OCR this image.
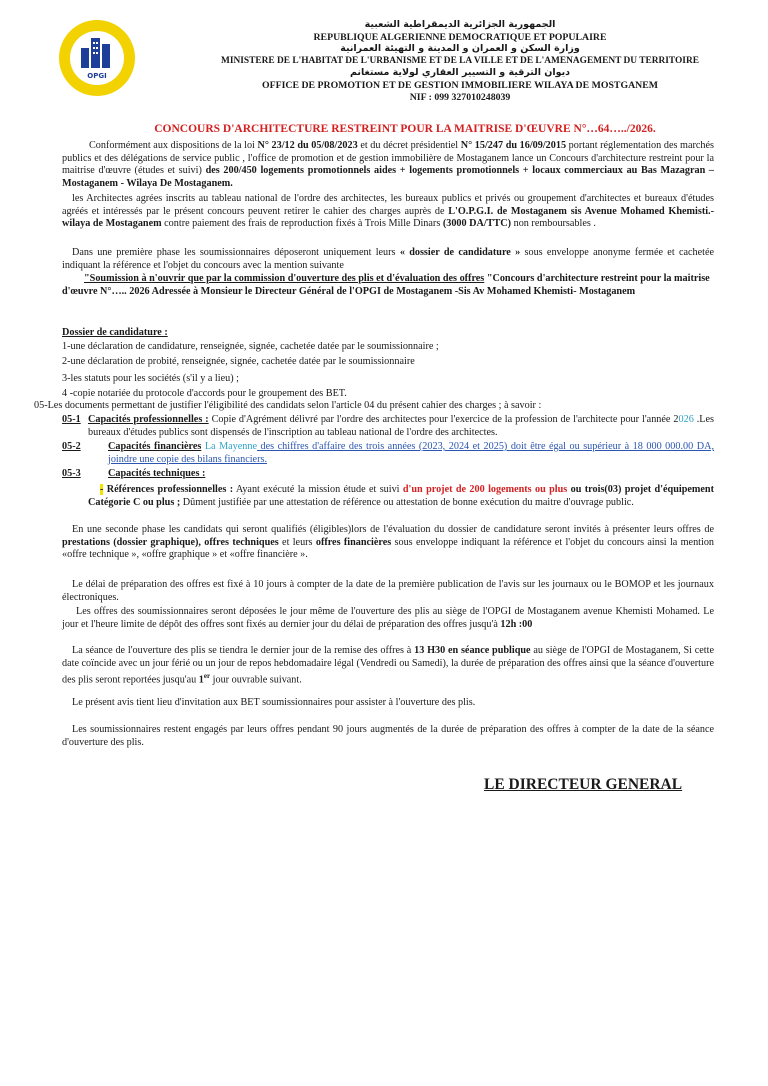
OPGI
الجمهورية الجزائرية الديمقراطية الشعبية
REPUBLIQUE ALGERIENNE DEMOCRATIQUE ET POPULAIRE
وزارة السكن و العمران و المدينة و التهيئة العمرانية
MINISTERE DE L'HABITAT DE L'URBANISME ET DE LA VILLE ET DE L'AMENAGEMENT DU TERRITOIRE
ديوان الترقية و التسيير العقاري لولاية مستغانم
OFFICE DE PROMOTION ET DE GESTION IMMOBILIERE WILAYA DE MOSTGANEM
NIF : 099 327010248039
CONCOURS D'ARCHITECTURE RESTREINT POUR LA MAITRISE D'ŒUVRE N°…64…../2026.
Conformément aux dispositions de la loi N° 23/12 du 05/08/2023 et du décret présidentiel N° 15/247 du 16/09/2015 portant réglementation des marchés publics et des délégations de service public , l'office de promotion et de gestion immobilière de Mostaganem lance un Concours d'architecture restreint pour la maitrise d'œuvre (études et suivi) des 200/450 logements promotionnels aides + logements promotionnels + locaux commerciaux au Bas Mazagran –Mostaganem - Wilaya De Mostaganem.
les Architectes agrées inscrits au tableau national de l'ordre des architectes, les bureaux publics et privés ou groupement d'architectes et bureaux d'études agréés et intéressés par le présent concours peuvent retirer le cahier des charges auprès de L'O.P.G.I. de Mostaganem sis Avenue Mohamed Khemisti.-wilaya de Mostaganem contre paiement des frais de reproduction fixés à Trois Mille Dinars (3000 DA/TTC) non remboursables .
Dans une première phase les soumissionnaires déposeront uniquement leurs « dossier de candidature » sous enveloppe anonyme fermée et cachetée indiquant la référence et l'objet du concours avec la mention suivante
"Soumission à n'ouvrir que par la commission d'ouverture des plis et d'évaluation des offres "Concours d'architecture restreint pour la maitrise d'œuvre N°….. 2026 Adressée à Monsieur le Directeur Général de l'OPGI de Mostaganem -Sis Av Mohamed Khemisti- Mostaganem
Dossier de candidature :
1-une déclaration de candidature, renseignée, signée, cachetée datée par le soumissionnaire ;
2-une déclaration de probité, renseignée, signée, cachetée datée par le soumissionnaire
3-les statuts pour les sociétés (s'il y a lieu) ;
4 -copie notariée du protocole d'accords pour le groupement des BET.
05-Les documents permettant de justifier l'éligibilité des candidats selon l'article 04 du présent cahier des charges ; à savoir :
05-1 Capacités professionnelles : Copie d'Agrément délivré par l'ordre des architectes pour l'exercice de la profession de l'architecte pour l'année 2026 .Les bureaux d'études publics sont dispensés de l'inscription au tableau national de l'ordre des architectes.
05-2	Capacités financières La Mayenne des chiffres d'affaire des trois années (2023, 2024 et 2025) doit être égal ou supérieur à 18 000 000.00 DA, joindre une copie des bilans financiers.
05-3	Capacités techniques :
- Références professionnelles : Ayant exécuté la mission étude et suivi d'un projet de 200 logements ou plus ou trois(03) projet d'équipement Catégorie C ou plus ; Dûment justifiée par une attestation de référence ou attestation de bonne exécution du maitre d'ouvrage public.
En une seconde phase les candidats qui seront qualifiés (éligibles)lors de l'évaluation du dossier de candidature seront invités à présenter leurs offres de prestations (dossier graphique), offres techniques et leurs offres financières sous enveloppe indiquant la référence et l'objet du concours ainsi la mention «offre technique », «offre graphique » et «offre financière ».
Le délai de préparation des offres est fixé à 10 jours à compter de la date de la première publication de l'avis sur les journaux ou le BOMOP et les journaux électroniques.
Les offres des soumissionnaires seront déposées le jour même de l'ouverture des plis au siège de l'OPGI de Mostaganem avenue Khemisti Mohamed. Le jour et l'heure limite de dépôt des offres sont fixés au dernier jour du délai de préparation des offres jusqu'à 12h :00
La séance de l'ouverture des plis se tiendra le dernier jour de la remise des offres à 13 H30 en séance publique au siège de l'OPGI de Mostaganem, Si cette date coïncide avec un jour férié ou un jour de repos hebdomadaire légal (Vendredi ou Samedi), la durée de préparation des offres ainsi que la séance d'ouverture des plis seront reportées jusqu'au 1er jour ouvrable suivant.
Le présent avis tient lieu d'invitation aux BET soumissionnaires pour assister à l'ouverture des plis.
Les soumissionnaires restent engagés par leurs offres pendant 90 jours augmentés de la durée de préparation des offres à compter de la date de la séance d'ouverture des plis.
LE DIRECTEUR GENERAL
